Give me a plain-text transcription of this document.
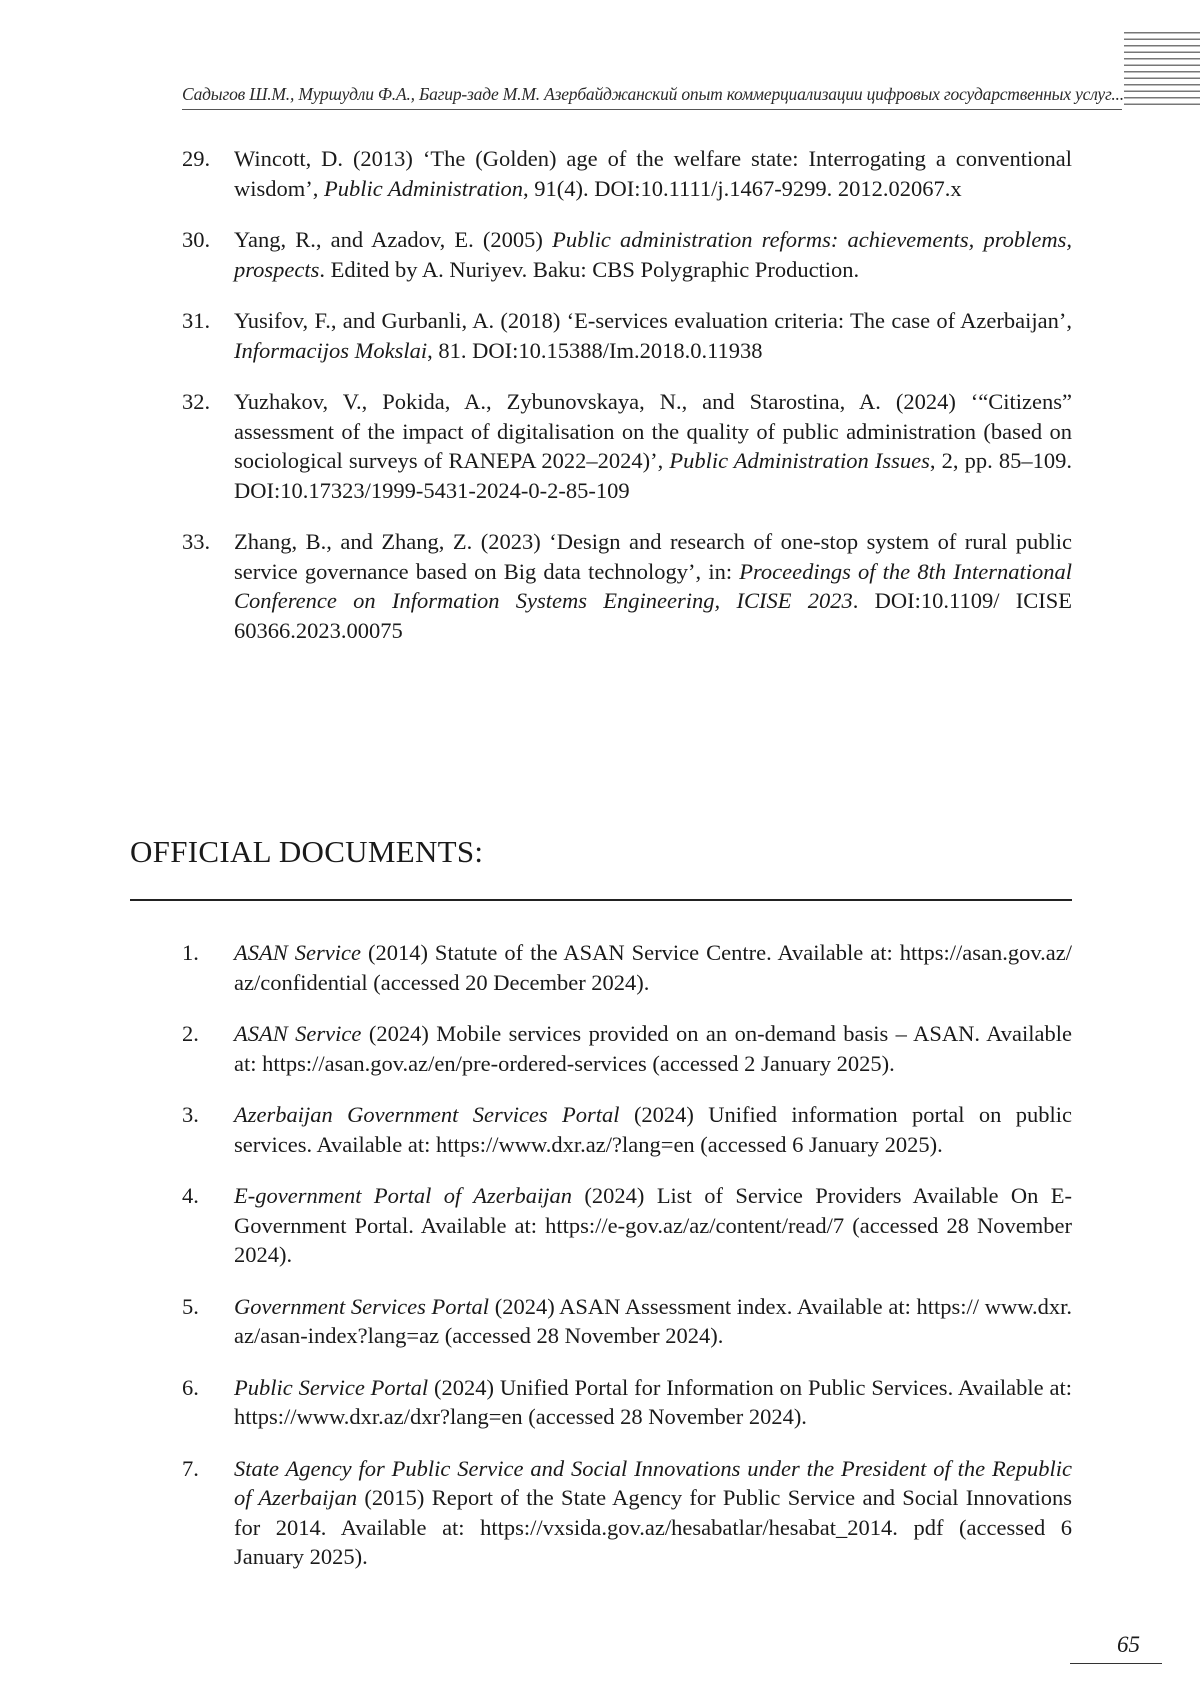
Садыгов Ш.М., Муршудли Ф.А., Багир-заде М.М. Азербайджанский опыт коммерциализации цифровых государственных услуг...
29. Wincott, D. (2013) ‘The (Golden) age of the welfare state: Interrogating a conventional wisdom’, Public Administration, 91(4). DOI:10.1111/j.1467-9299. 2012.02067.x
30. Yang, R., and Azadov, E. (2005) Public administration reforms: achievements, problems, prospects. Edited by A. Nuriyev. Baku: CBS Polygraphic Production.
31. Yusifov, F., and Gurbanli, A. (2018) ‘E-services evaluation criteria: The case of Azerbaijan’, Informacijos Mokslai, 81. DOI:10.15388/Im.2018.0.11938
32. Yuzhakov, V., Pokida, A., Zybunovskaya, N., and Starostina, A. (2024) ‘“Citizens” assessment of the impact of digitalisation on the quality of public administration (based on sociological surveys of RANEPA 2022–2024)’, Public Administration Issues, 2, pp. 85–109. DOI:10.17323/1999-5431-2024-0-2-85-109
33. Zhang, B., and Zhang, Z. (2023) ‘Design and research of one-stop system of rural public service governance based on Big data technology’, in: Proceedings of the 8th International Conference on Information Systems Engineering, ICISE 2023. DOI:10.1109/ ICISE 60366.2023.00075
OFFICIAL DOCUMENTS:
1. ASAN Service (2014) Statute of the ASAN Service Centre. Available at: https://asan.gov.az/ az/confidential (accessed 20 December 2024).
2. ASAN Service (2024) Mobile services provided on an on-demand basis – ASAN. Available at: https://asan.gov.az/en/pre-ordered-services (accessed 2 January 2025).
3. Azerbaijan Government Services Portal (2024) Unified information portal on public services. Available at: https://www.dxr.az/?lang=en (accessed 6 January 2025).
4. E-government Portal of Azerbaijan (2024) List of Service Providers Available On E-Government Portal. Available at: https://e-gov.az/az/content/read/7 (accessed 28 November 2024).
5. Government Services Portal (2024) ASAN Assessment index. Available at: https:// www.dxr. az/asan-index?lang=az (accessed 28 November 2024).
6. Public Service Portal (2024) Unified Portal for Information on Public Services. Available at: https://www.dxr.az/dxr?lang=en (accessed 28 November 2024).
7. State Agency for Public Service and Social Innovations under the President of the Republic of Azerbaijan (2015) Report of the State Agency for Public Service and Social Innovations for 2014. Available at: https://vxsida.gov.az/hesabatlar/hesabat_2014. pdf (accessed 6 January 2025).
65
